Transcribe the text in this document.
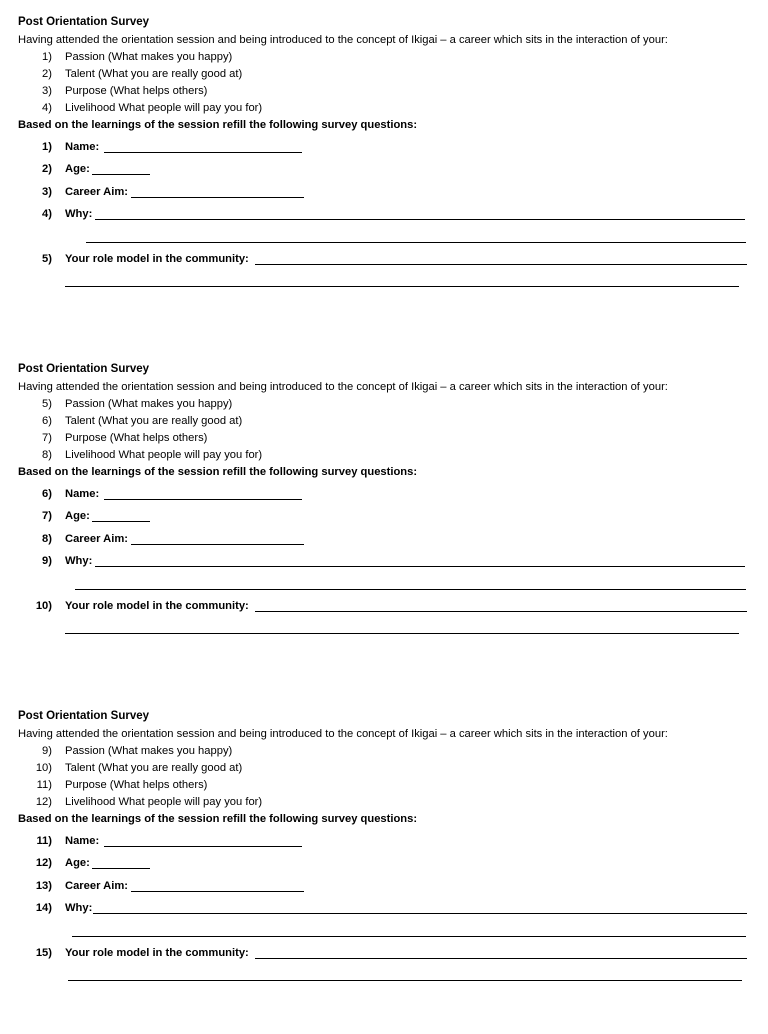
Post Orientation Survey
Having attended the orientation session and being introduced to the concept of Ikigai – a career which sits in the interaction of your:
1) Passion (What makes you happy)
2) Talent (What you are really good at)
3) Purpose (What helps others)
4) Livelihood What people will pay you for)
Based on the learnings of the session refill the following survey questions:
1) Name:
2) Age:
3) Career Aim:
4) Why:
5) Your role model in the community:
Post Orientation Survey
Having attended the orientation session and being introduced to the concept of Ikigai – a career which sits in the interaction of your:
5) Passion (What makes you happy)
6) Talent (What you are really good at)
7) Purpose (What helps others)
8) Livelihood What people will pay you for)
Based on the learnings of the session refill the following survey questions:
6) Name:
7) Age:
8) Career Aim:
9) Why:
10) Your role model in the community:
Post Orientation Survey
Having attended the orientation session and being introduced to the concept of Ikigai – a career which sits in the interaction of your:
9) Passion (What makes you happy)
10) Talent (What you are really good at)
11) Purpose (What helps others)
12) Livelihood What people will pay you for)
Based on the learnings of the session refill the following survey questions:
11) Name:
12) Age:
13) Career Aim:
14) Why:
15) Your role model in the community:
